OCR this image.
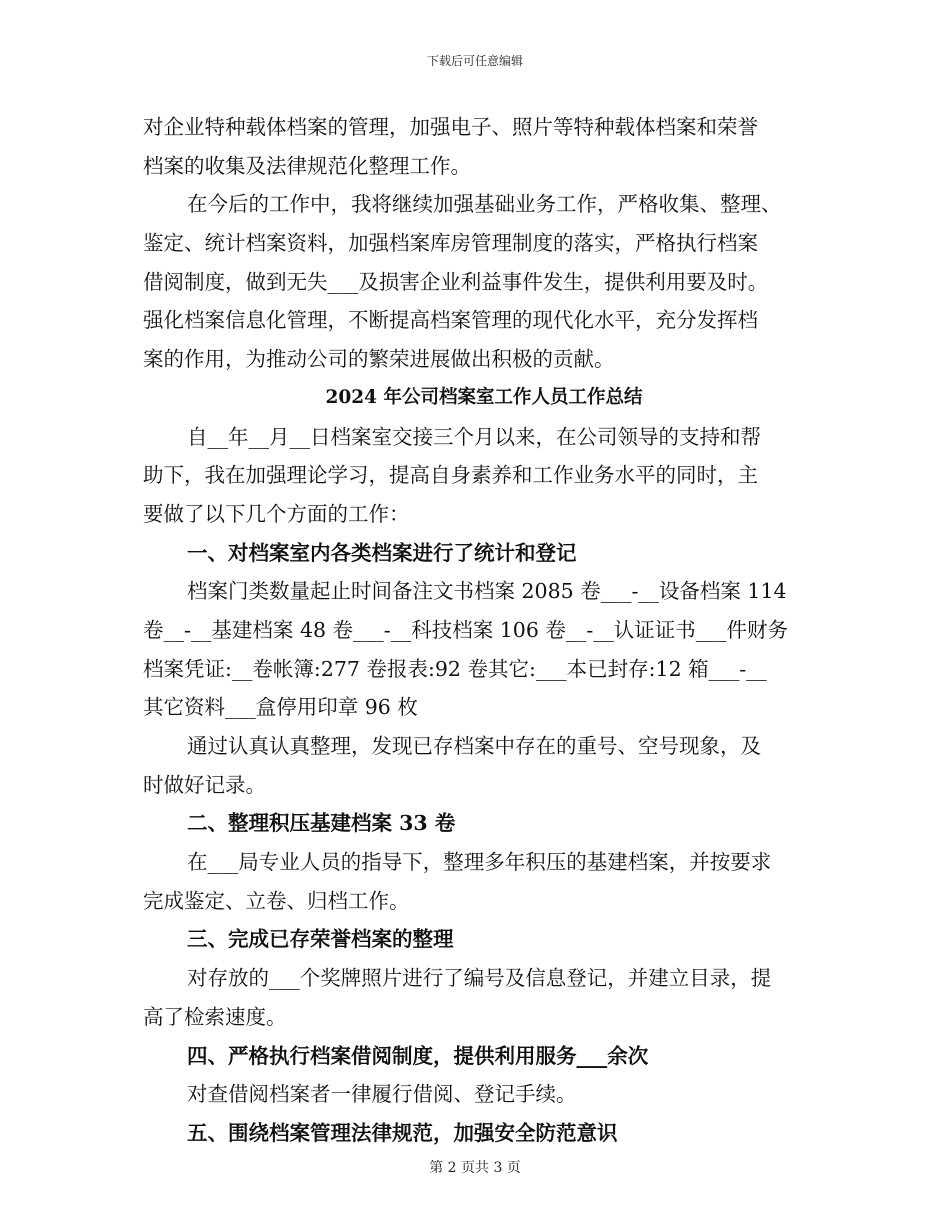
下载后可任意编辑
对企业特种载体档案的管理，加强电子、照片等特种载体档案和荣誉
档案的收集及法律规范化整理工作。
在今后的工作中，我将继续加强基础业务工作，严格收集、整理、
鉴定、统计档案资料，加强档案库房管理制度的落实，严格执行档案
借阅制度，做到无失___及损害企业利益事件发生，提供利用要及时。
强化档案信息化管理，不断提高档案管理的现代化水平，充分发挥档
案的作用，为推动公司的繁荣进展做出积极的贡献。
2024 年公司档案室工作人员工作总结
自__年__月__日档案室交接三个月以来，在公司领导的支持和帮
助下，我在加强理论学习，提高自身素养和工作业务水平的同时，主
要做了以下几个方面的工作：
一、对档案室内各类档案进行了统计和登记
档案门类数量起止时间备注文书档案 2085 卷___-__设备档案 114
卷__-__基建档案 48 卷___-__科技档案 106 卷__-__认证证书___件财务
档案凭证:__卷帐簿:277 卷报表:92 卷其它:___本已封存:12 箱___-__
其它资料___盒停用印章 96 枚
通过认真认真整理，发现已存档案中存在的重号、空号现象，及
时做好记录。
二、整理积压基建档案 33 卷
在___局专业人员的指导下，整理多年积压的基建档案，并按要求
完成鉴定、立卷、归档工作。
三、完成已存荣誉档案的整理
对存放的___个奖牌照片进行了编号及信息登记，并建立目录，提
高了检索速度。
四、严格执行档案借阅制度，提供利用服务___余次
对查借阅档案者一律履行借阅、登记手续。
五、围绕档案管理法律规范，加强安全防范意识
第 2 页共 3 页
